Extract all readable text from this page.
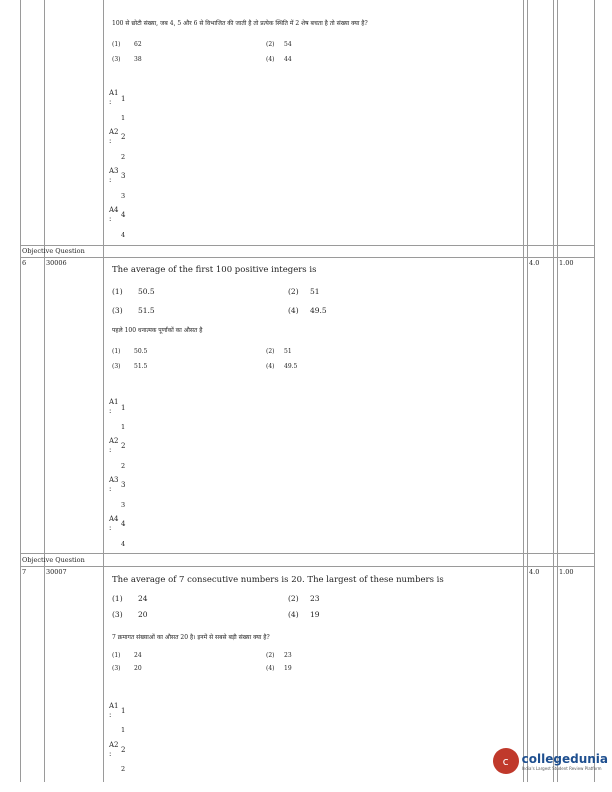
100 से छोटी संख्या, जब 4, 5 और 6 से विभाजित की जाती है तो प्रत्येक स्थिति में 2 शेष बचता है तो संख्या क्या है?
(1) 62	(2) 54
(3) 38	(4) 44
A1
1
:
1
A2
2
:
2
A3
3
:
3
A4
4
:
4
Objective Question
6	30006	4.0	1.00
The average of the first 100 positive integers is
(1) 50.5	(2) 51
(3) 51.5	(4) 49.5
पहले 100 धनात्मक पूर्णांकों का औसत है
(1) 50.5	(2) 51
(3) 51.5	(4) 49.5
A1
1
:
1
A2
2
:
2
A3
3
:
3
A4
4
:
4
Objective Question
7	30007	4.0	1.00
The average of 7 consecutive numbers is 20. The largest of these numbers is
(1) 24	(2) 23
(3) 20	(4) 19
7 क्रमागत संख्याओं का औसत 20 है। इनमें से सबसे बड़ी संख्या क्या है?
(1) 24	(2) 23
(3) 20	(4) 19
A1
1
:
1
A2
2
:
2
c	collegedunia
India's Largest Student Review Platform
